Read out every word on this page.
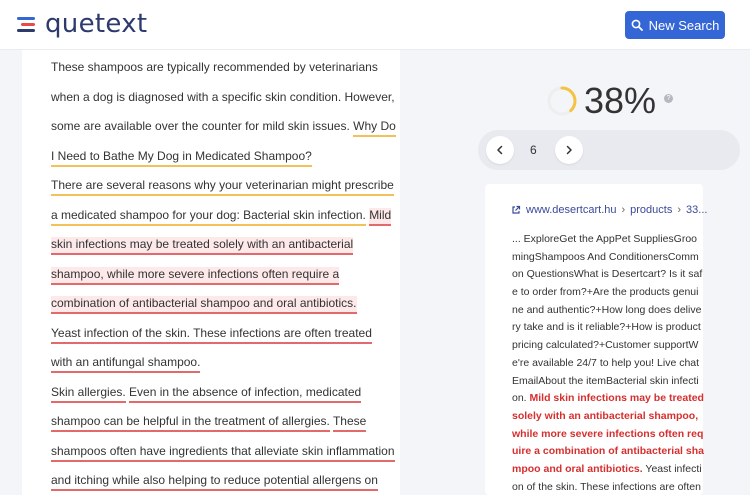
quetext	New Search
These shampoos are typically recommended by veterinarians
when a dog is diagnosed with a specific skin condition. However,
some are available over the counter for mild skin issues. Why Do
I Need to Bathe My Dog in Medicated Shampoo?
There are several reasons why your veterinarian might prescribe
a medicated shampoo for your dog: Bacterial skin infection. Mild
skin infections may be treated solely with an antibacterial
shampoo, while more severe infections often require a
combination of antibacterial shampoo and oral antibiotics.
Yeast infection of the skin. These infections are often treated
with an antifungal shampoo.
Skin allergies. Even in the absence of infection, medicated
shampoo can be helpful in the treatment of allergies. These
shampoos often have ingredients that alleviate skin inflammation
and itching while also helping to reduce potential allergens on
38%	?
6
www.desertcart.hu › products › 33...
... ExploreGet the AppPet SuppliesGroo
mingShampoos And ConditionersComm
on QuestionsWhat is Desertcart? Is it saf
e to order from?+Are the products genui
ne and authentic?+How long does delive
ry take and is it reliable?+How is product
pricing calculated?+Customer supportW
e're available 24/7 to help you! Live chat
EmailAbout the itemBacterial skin infecti
on. Mild skin infections may be treated
solely with an antibacterial shampoo,
while more severe infections often req
uire a combination of antibacterial sha
mpoo and oral antibiotics. Yeast infecti
on of the skin. These infections are often
